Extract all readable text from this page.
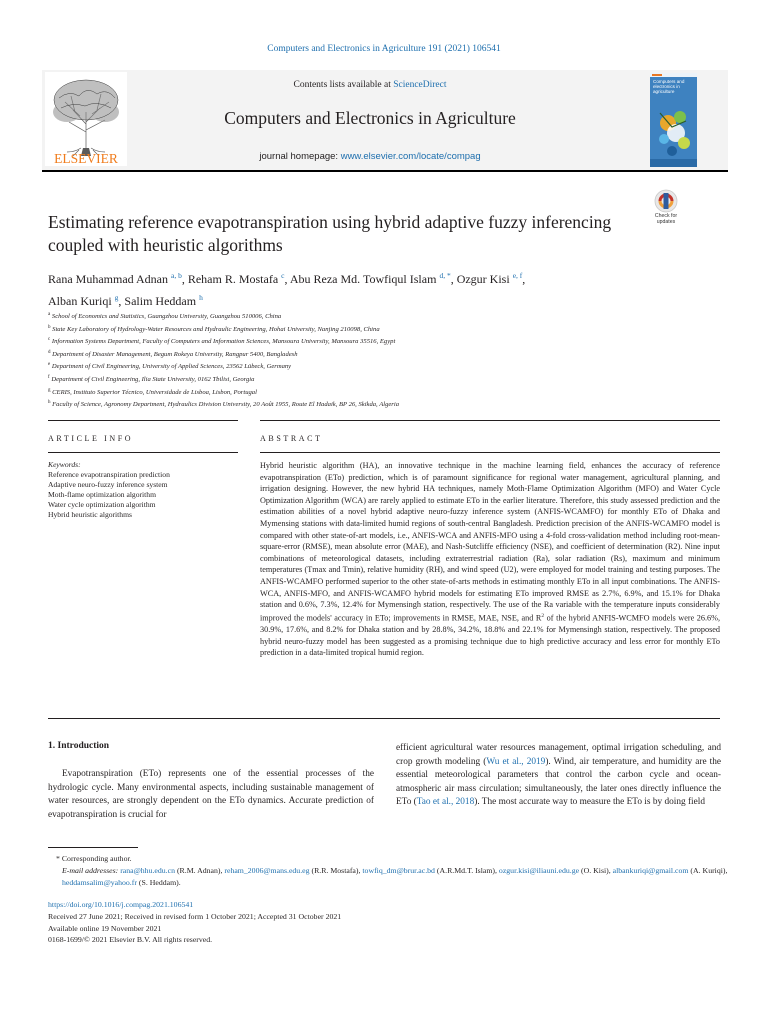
Computers and Electronics in Agriculture 191 (2021) 106541
ELSEVIER
Contents lists available at ScienceDirect
Computers and Electronics in Agriculture
journal homepage: www.elsevier.com/locate/compag
Computers and electronics in agriculture
Check for
updates
Estimating reference evapotranspiration using hybrid adaptive fuzzy inferencing coupled with heuristic algorithms
Rana Muhammad Adnan $^{a, b}$, Reham R. Mostafa $^c$, Abu Reza Md. Towfiqul Islam $^{d, *}$, Ozgur Kisi $^{e, f}$,
Alban Kuriqi $^g$, Salim Heddam $^h$
$^a$ School of Economics and Statistics, Guangzhou University, Guangzhou 510006, China
$^b$ State Key Laboratory of Hydrology-Water Resources and Hydraulic Engineering, Hohai University, Nanjing 210098, China
$^c$ Information Systems Department, Faculty of Computers and Information Sciences, Mansoura University, Mansoura 35516, Egypt
$^d$ Department of Disaster Management, Begum Rokeya University, Rangpur 5400, Bangladesh
$^e$ Department of Civil Engineering, University of Applied Sciences, 23562 Lübeck, Germany
$^f$ Department of Civil Engineering, Ilia State University, 0162 Tbilisi, Georgia
$^g$ CERIS, Instituto Superior Técnico, Universidade de Lisboa, Lisbon, Portugal
$^h$ Faculty of Science, Agronomy Department, Hydraulics Division University, 20 Août 1955, Route El Hadaik, BP 26, Skikda, Algeria
ARTICLE INFO	ABSTRACT
Keywords:
Reference evapotranspiration prediction
Adaptive neuro-fuzzy inference system
Moth-flame optimization algorithm
Water cycle optimization algorithm
Hybrid heuristic algorithms
Hybrid heuristic algorithm (HA), an innovative technique in the machine learning field, enhances the accuracy of reference evapotranspiration (ETo) prediction, which is of paramount significance for regional water management, agricultural planning, and irrigation designing. However, the new hybrid HA techniques, namely Moth-Flame Optimization Algorithm (MFO) and Water Cycle Optimization Algorithm (WCA) are rarely applied to estimate ETo in the earlier literature. Therefore, this study assessed prediction and the estimation abilities of a novel hybrid adaptive neuro-fuzzy inference system (ANFIS-WCAMFO) for monthly ETo of Dhaka and Mymensing stations with data-limited humid regions of south-central Bangladesh. Prediction precision of the ANFIS-WCAMFO model is compared with other state-of-art models, i.e., ANFIS-WCA and ANFIS-MFO using a 4-fold cross-validation method including root-mean-square-error (RMSE), mean absolute error (MAE), and Nash-Sutcliffe efficiency (NSE), and coefficient of determination (R2). Nine input combinations of meteorological datasets, including extraterrestrial radiation (Ra), solar radiation (Rs), maximum and minimum temperatures (Tmax and Tmin), relative humidity (RH), and wind speed (U2), were employed for model training and testing purposes. The ANFIS-WCAMFO performed superior to the other state-of-arts methods in estimating monthly ETo in all input combinations. The ANFIS-WCA, ANFIS-MFO, and ANFIS-WCAMFO hybrid models for estimating ETo improved RMSE as 2.7%, 6.9%, and 15.1% for Dhaka station and 0.6%, 7.3%, 12.4% for Mymensingh station, respectively. The use of the Ra variable with the temperature inputs considerably improved the models' accuracy in ETo; improvements in RMSE, MAE, NSE, and $R^2$ of the hybrid ANFIS-WCMFO models were 26.6%, 30.9%, 17.6%, and 8.2% for Dhaka station and by 28.8%, 34.2%, 18.8% and 22.1% for Mymensingh station, respectively. The proposed hybrid neuro-fuzzy model has been suggested as a promising technique due to high predictive accuracy and less error for monthly ETo prediction in a data-limited tropical humid region.
1. Introduction
Evapotranspiration (ETo) represents one of the essential processes of the hydrologic cycle. Many environmental aspects, including sustainable management of water resources, are strongly dependent on the ETo dynamics. Accurate prediction of evapotranspiration is crucial for
efficient agricultural water resources management, optimal irrigation scheduling, and crop growth modeling (Wu et al., 2019). Wind, air temperature, and humidity are the essential meteorological parameters that control the carbon cycle and ocean-atmospheric air mass circulation; simultaneously, the later ones directly influence the ETo (Tao et al., 2018). The most accurate way to measure the ETo is by doing field
* Corresponding author.
E-mail addresses: rana@hhu.edu.cn (R.M. Adnan), reham_2006@mans.edu.eg (R.R. Mostafa), towfiq_dm@brur.ac.bd (A.R.Md.T. Islam), ozgur.kisi@iliauni.edu.ge (O. Kisi), albankuriqi@gmail.com (A. Kuriqi), heddamsalim@yahoo.fr (S. Heddam).
https://doi.org/10.1016/j.compag.2021.106541
Received 27 June 2021; Received in revised form 1 October 2021; Accepted 31 October 2021
Available online 19 November 2021
0168-1699/© 2021 Elsevier B.V. All rights reserved.
